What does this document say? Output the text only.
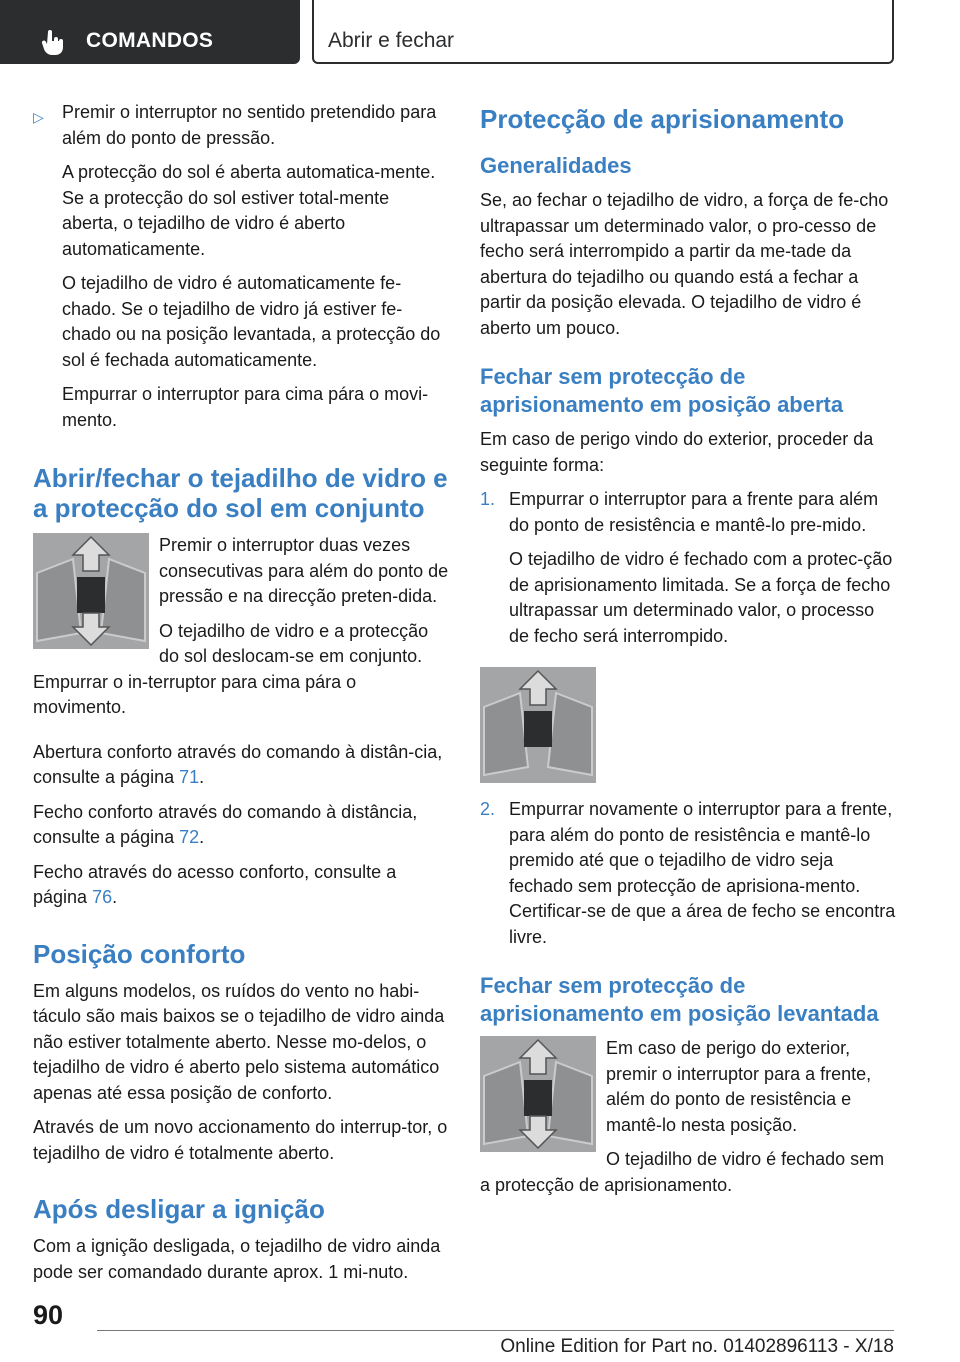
COMANDOS	Abrir e fechar
▷ Premir o interruptor no sentido pretendido para além do ponto de pressão.

A protecção do sol é aberta automatica-mente. Se a protecção do sol estiver total-mente aberta, o tejadilho de vidro é aberto automaticamente.

O tejadilho de vidro é automaticamente fe-chado. Se o tejadilho de vidro já estiver fe-chado ou na posição levantada, a protecção do sol é fechada automaticamente.

Empurrar o interruptor para cima pára o movi-mento.

Abrir/fechar o tejadilho de vidro e a protecção do sol em conjunto

Premir o interruptor duas vezes consecutivas para além do ponto de pressão e na direcção preten-dida.

O tejadilho de vidro e a protecção do sol deslocam-se em conjunto. Empurrar o in-terruptor para cima pára o movimento.

Abertura conforto através do comando à distân-cia, consulte a página 71.

Fecho conforto através do comando à distância, consulte a página 72.

Fecho através do acesso conforto, consulte a página 76.

Posição conforto

Em alguns modelos, os ruídos do vento no habi-táculo são mais baixos se o tejadilho de vidro ainda não estiver totalmente aberto. Nesse mo-delos, o tejadilho de vidro é aberto pelo sistema automático apenas até essa posição de conforto.

Através de um novo accionamento do interrup-tor, o tejadilho de vidro é totalmente aberto.

Após desligar a ignição

Com a ignição desligada, o tejadilho de vidro ainda pode ser comandado durante aprox. 1 mi-nuto.

Protecção de aprisionamento
Generalidades

Se, ao fechar o tejadilho de vidro, a força de fe-cho ultrapassar um determinado valor, o pro-cesso de fecho será interrompido a partir da me-tade da abertura do tejadilho ou quando está a fechar a partir da posição elevada. O tejadilho de vidro é aberto um pouco.

Fechar sem protecção de aprisionamento em posição aberta

Em caso de perigo vindo do exterior, proceder da seguinte forma:

1. Empurrar o interruptor para a frente para além do ponto de resistência e mantê-lo pre-mido.

O tejadilho de vidro é fechado com a protec-ção de aprisionamento limitada. Se a força de fecho ultrapassar um determinado valor, o processo de fecho será interrompido.

2. Empurrar novamente o interruptor para a frente, para além do ponto de resistência e mantê-lo premido até que o tejadilho de vidro seja fechado sem protecção de aprisiona-mento. Certificar-se de que a área de fecho se encontra livre.

Fechar sem protecção de aprisionamento em posição levantada

Em caso de perigo do exterior, premir o interruptor para a frente, além do ponto de resistência e mantê-lo nesta posição.

O tejadilho de vidro é fechado sem a protecção de aprisionamento.

90
Online Edition for Part no. 01402896113 - X/18
